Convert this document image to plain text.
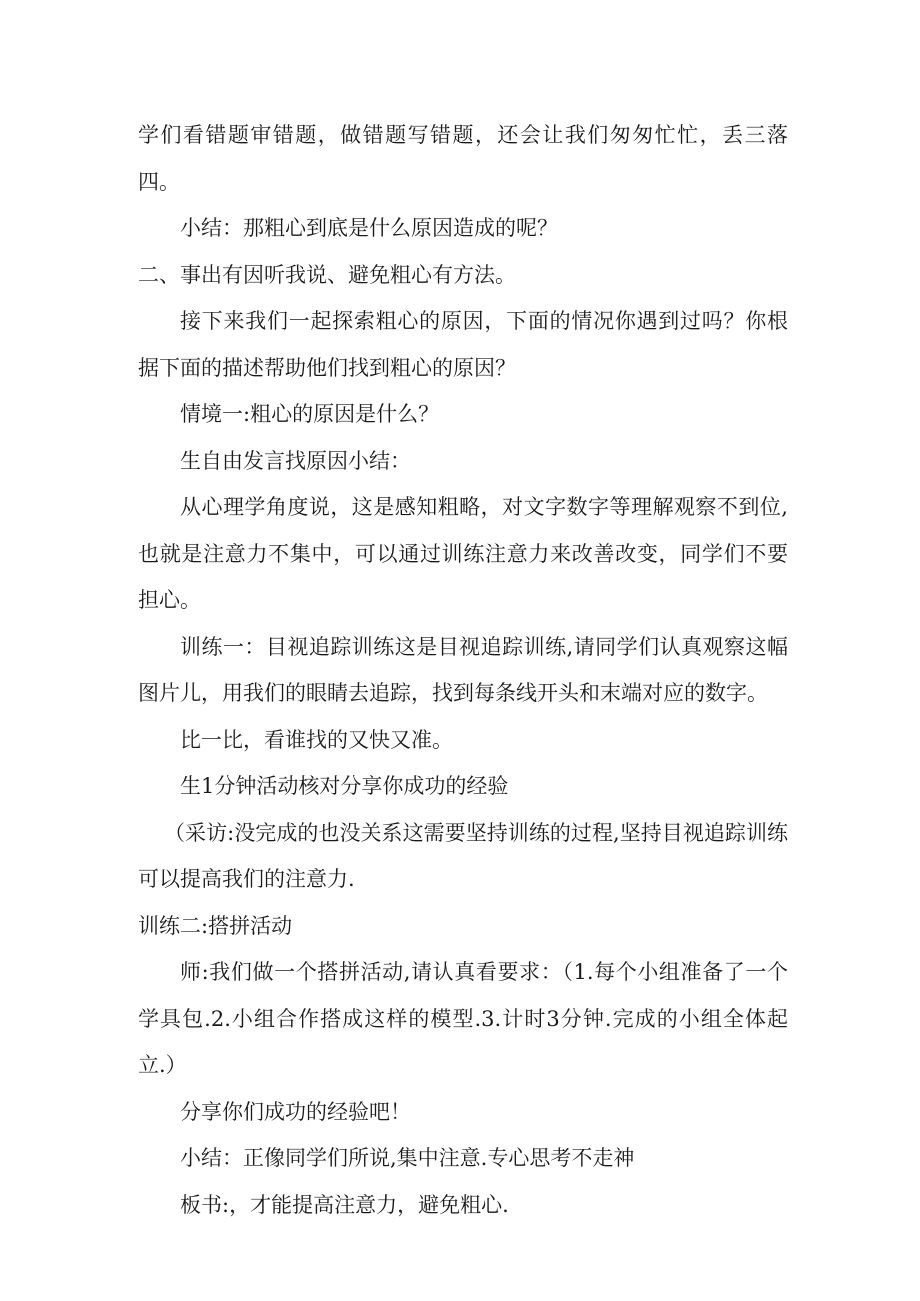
学们看错题审错题，做错题写错题，还会让我们匆匆忙忙，丢三落四。

小结：那粗心到底是什么原因造成的呢？

二、事出有因听我说、避免粗心有方法。

接下来我们一起探索粗心的原因，下面的情况你遇到过吗？你根据下面的描述帮助他们找到粗心的原因？

情境一:粗心的原因是什么？

生自由发言找原因小结：

从心理学角度说，这是感知粗略，对文字数字等理解观察不到位,也就是注意力不集中，可以通过训练注意力来改善改变，同学们不要担心。

训练一：目视追踪训练这是目视追踪训练,请同学们认真观察这幅图片儿，用我们的眼睛去追踪，找到每条线开头和末端对应的数字。

比一比，看谁找的又快又准。

生1分钟活动核对分享你成功的经验

（采访:没完成的也没关系这需要坚持训练的过程,坚持目视追踪训练可以提高我们的注意力.

训练二:搭拼活动

师:我们做一个搭拼活动,请认真看要求：（1.每个小组准备了一个学具包.2.小组合作搭成这样的模型.3.计时3分钟.完成的小组全体起立.）

分享你们成功的经验吧！

小结：正像同学们所说,集中注意.专心思考不走神

板书:，才能提高注意力，避免粗心.
